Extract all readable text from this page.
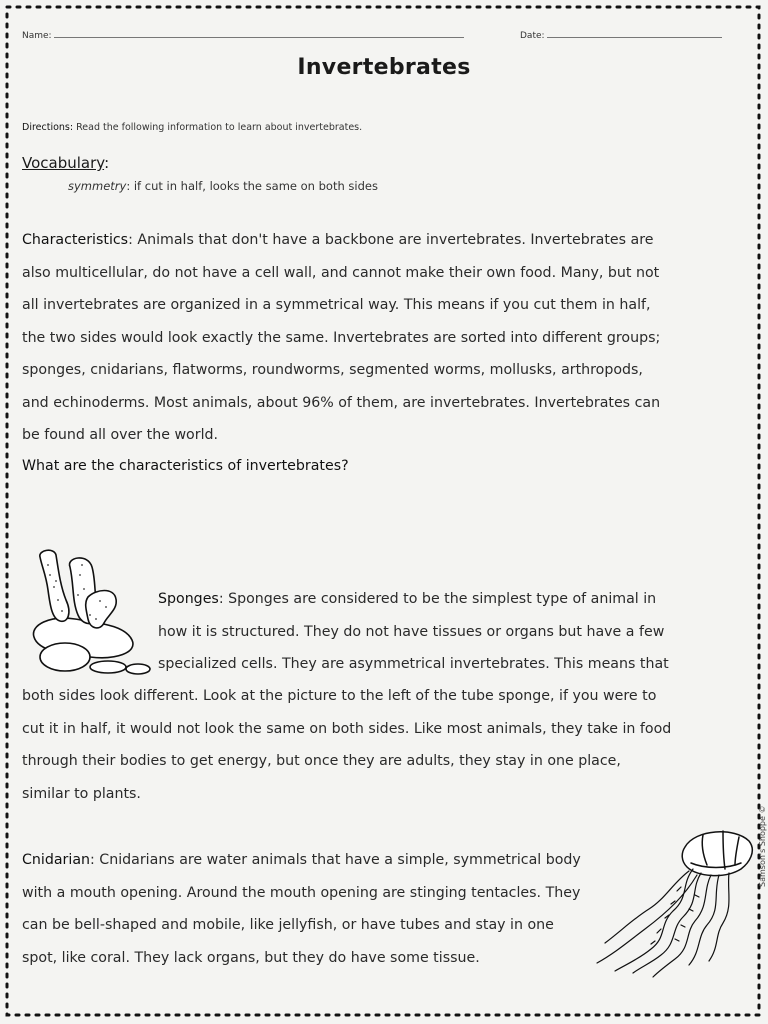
Name:	Date:
Invertebrates
Directions: Read the following information to learn about invertebrates.
Vocabulary:
symmetry: if cut in half, looks the same on both sides
Characteristics: Animals that don't have a backbone are invertebrates. Invertebrates are
also multicellular, do not have a cell wall, and cannot make their own food. Many, but not
all invertebrates are organized in a symmetrical way. This means if you cut them in half,
the two sides would look exactly the same. Invertebrates are sorted into different groups;
sponges, cnidarians, flatworms, roundworms, segmented worms, mollusks, arthropods,
and echinoderms. Most animals, about 96% of them, are invertebrates. Invertebrates can
be found all over the world.
What are the characteristics of invertebrates?
Sponges: Sponges are considered to be the simplest type of animal in
how it is structured. They do not have tissues or organs but have a few
specialized cells. They are asymmetrical invertebrates. This means that
both sides look different. Look at the picture to the left of the tube sponge, if you were to
cut it in half, it would not look the same on both sides. Like most animals, they take in food
through their bodies to get energy, but once they are adults, they stay in one place,
similar to plants.
Cnidarian: Cnidarians are water animals that have a simple, symmetrical body
with a mouth opening. Around the mouth opening are stinging tentacles. They
can be bell-shaped and mobile, like jellyfish, or have tubes and stay in one
spot, like coral. They lack organs, but they do have some tissue.
Samson's Shoppe ©
